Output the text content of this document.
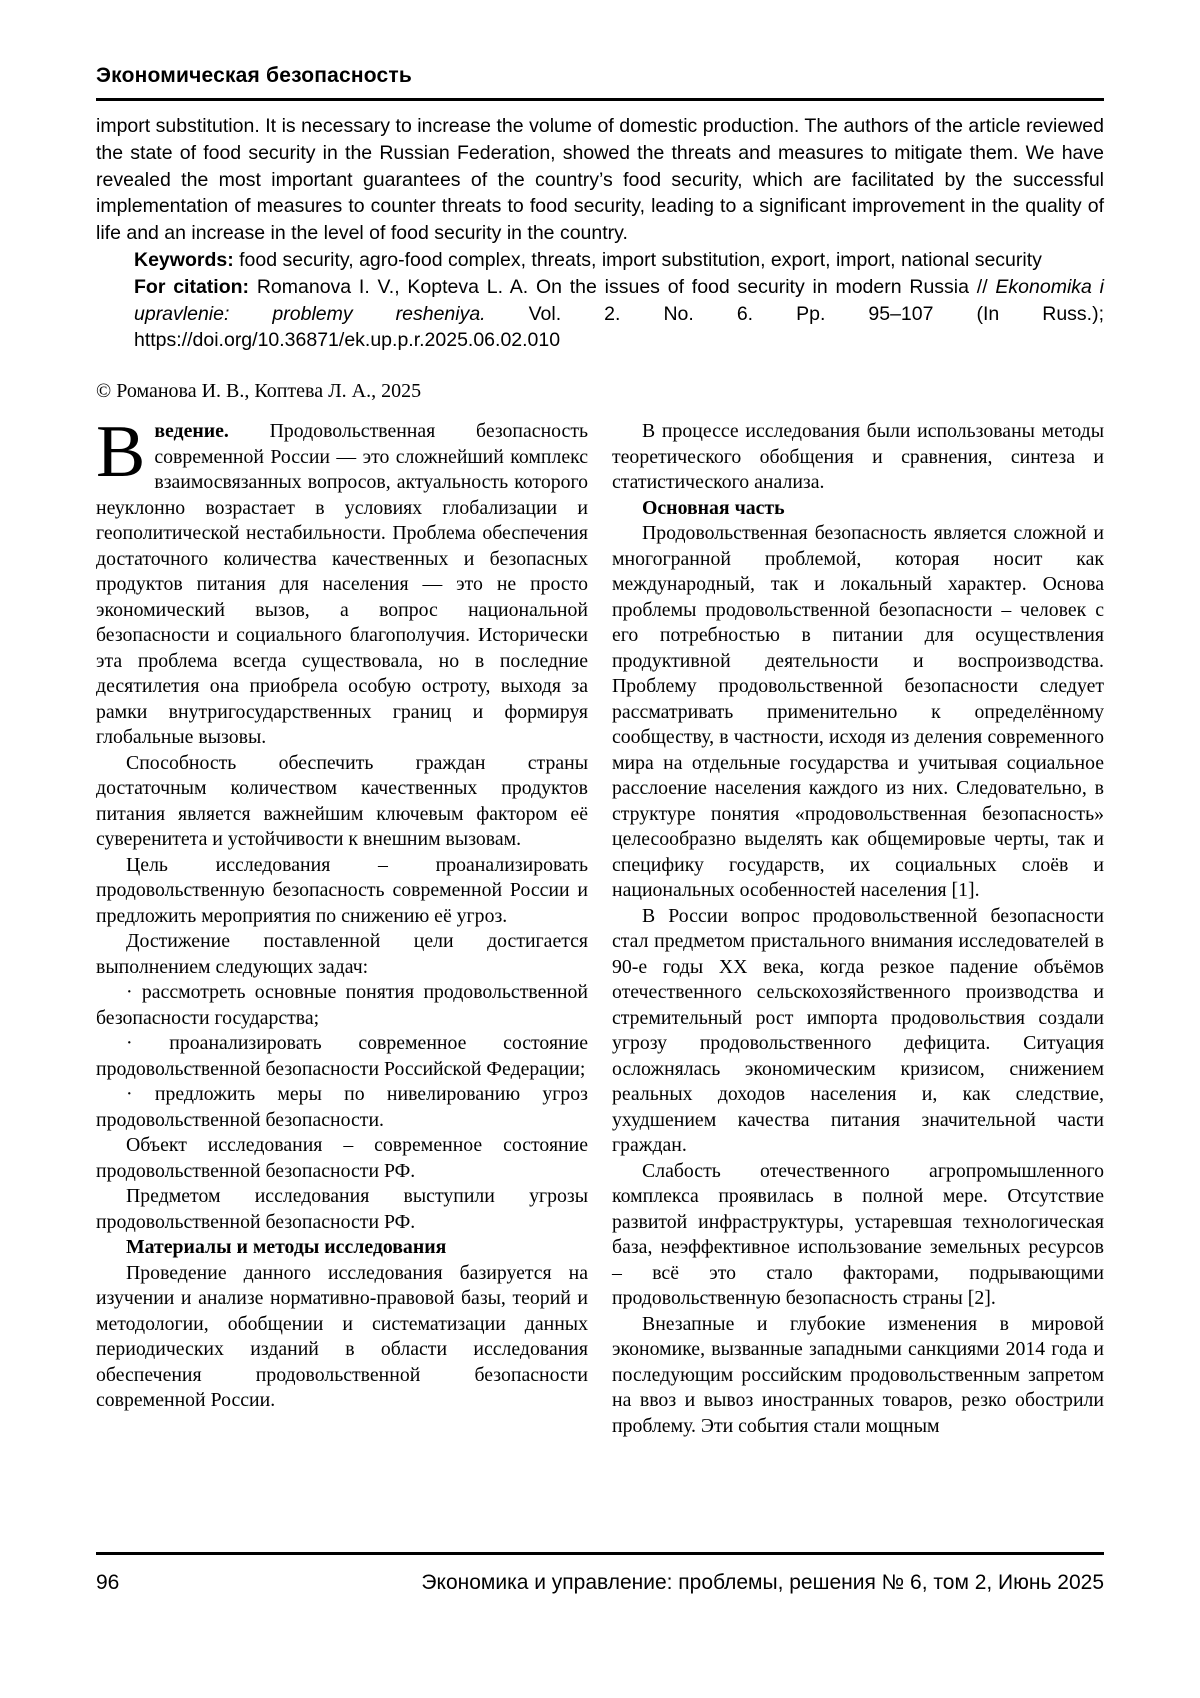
Экономическая безопасность

import substitution. It is necessary to increase the volume of domestic production. The authors of the article reviewed the state of food security in the Russian Federation, showed the threats and measures to mitigate them. We have revealed the most important guarantees of the country’s food security, which are facilitated by the successful implementation of measures to counter threats to food security, leading to a significant improvement in the quality of life and an increase in the level of food security in the country.

Keywords: food security, agro-food complex, threats, import substitution, export, import, national security

For citation: Romanova I. V., Kopteva L. A. On the issues of food security in modern Russia // Ekonomika i upravlenie: problemy resheniya. Vol. 2. No. 6. Pp. 95–107 (In Russ.); https://doi.org/10.36871/ek.up.p.r.2025.06.02.010

© Романова И. В., Коптева Л. А., 2025

Введение. Продовольственная безопасность современной России — это сложнейший комплекс взаимосвязанных вопросов, актуальность которого неуклонно возрастает в условиях глобализации и геополитической нестабильности. Проблема обеспечения достаточного количества качественных и безопасных продуктов питания для населения — это не просто экономический вызов, а вопрос национальной безопасности и социального благополучия. Исторически эта проблема всегда существовала, но в последние десятилетия она приобрела особую остроту, выходя за рамки внутригосударственных границ и формируя глобальные вызовы.

Способность обеспечить граждан страны достаточным количеством качественных продуктов питания является важнейшим ключевым фактором её суверенитета и устойчивости к внешним вызовам.

Цель исследования – проанализировать продовольственную безопасность современной России и предложить мероприятия по снижению её угроз.

Достижение поставленной цели достигается выполнением следующих задач:

· рассмотреть основные понятия продовольственной безопасности государства;

· проанализировать современное состояние продовольственной безопасности Российской Федерации;

· предложить меры по нивелированию угроз продовольственной безопасности.

Объект исследования – современное состояние продовольственной безопасности РФ.

Предметом исследования выступили угрозы продовольственной безопасности РФ.

Материалы и методы исследования

Проведение данного исследования базируется на изучении и анализе нормативно-правовой базы, теорий и методологии, обобщении и систематизации данных периодических изданий в области исследования обеспечения продовольственной безопасности современной России.

В процессе исследования были использованы методы теоретического обобщения и сравнения, синтеза и статистического анализа.

Основная часть

Продовольственная безопасность является сложной и многогранной проблемой, которая носит как международный, так и локальный характер. Основа проблемы продовольственной безопасности – человек с его потребностью в питании для осуществления продуктивной деятельности и воспроизводства. Проблему продовольственной безопасности следует рассматривать применительно к определённому сообществу, в частности, исходя из деления современного мира на отдельные государства и учитывая социальное расслоение населения каждого из них. Следовательно, в структуре понятия «продовольственная безопасность» целесообразно выделять как общемировые черты, так и специфику государств, их социальных слоёв и национальных особенностей населения [1].

В России вопрос продовольственной безопасности стал предметом пристального внимания исследователей в 90-е годы XX века, когда резкое падение объёмов отечественного сельскохозяйственного производства и стремительный рост импорта продовольствия создали угрозу продовольственного дефицита. Ситуация осложнялась экономическим кризисом, снижением реальных доходов населения и, как следствие, ухудшением качества питания значительной части граждан.

Слабость отечественного агропромышленного комплекса проявилась в полной мере. Отсутствие развитой инфраструктуры, устаревшая технологическая база, неэффективное использование земельных ресурсов – всё это стало факторами, подрывающими продовольственную безопасность страны [2].

Внезапные и глубокие изменения в мировой экономике, вызванные западными санкциями 2014 года и последующим российским продовольственным запретом на ввоз и вывоз иностранных товаров, резко обострили проблему. Эти события стали мощным

96	Экономика и управление: проблемы, решения № 6, том 2, Июнь 2025
